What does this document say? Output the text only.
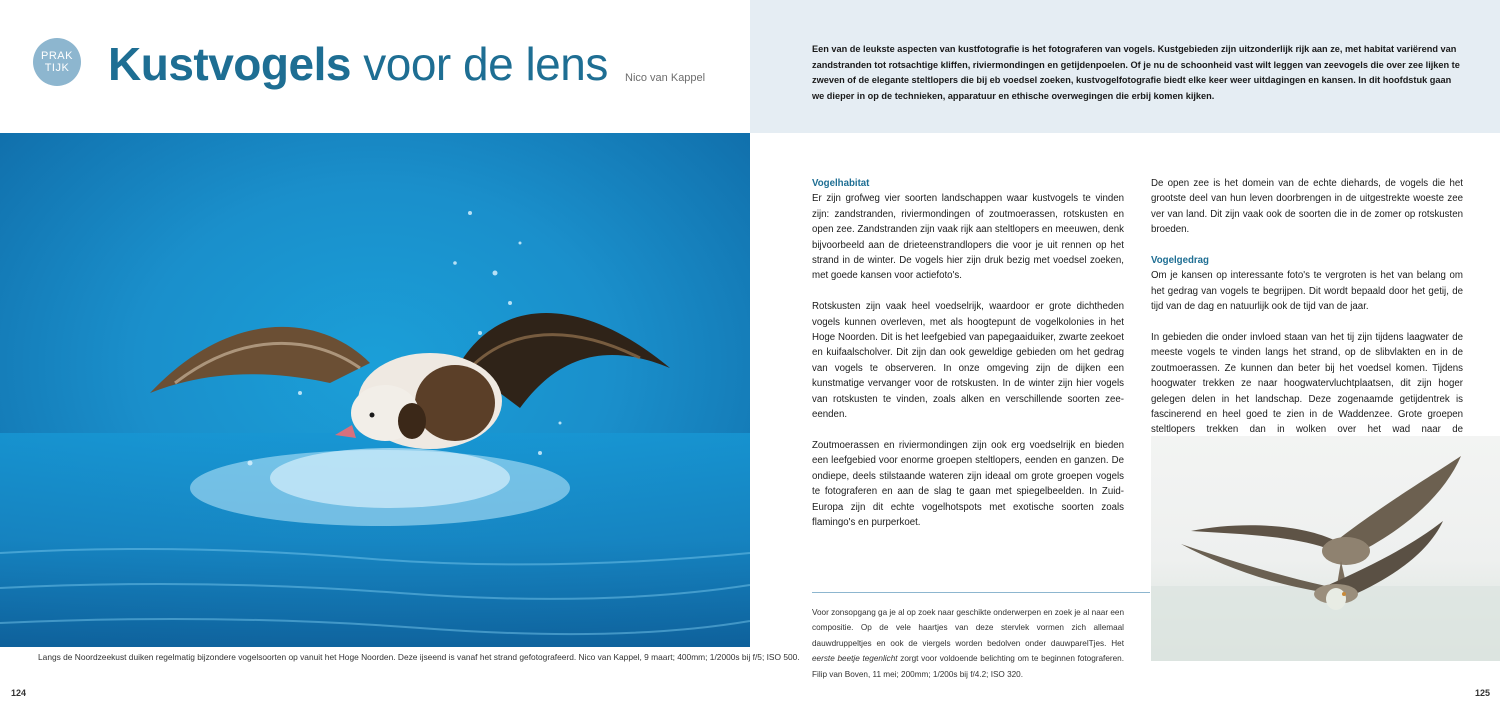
PRAK
TIJK Kustvogels voor de lens Nico van Kappel
Een van de leukste aspecten van kustfotografie is het fotograferen van vogels. Kustgebieden zijn uitzonderlijk rijk aan ze, met habitat variërend van zandstranden tot rotsachtige kliffen, riviermondingen en getijdenpoelen. Of je nu de schoonheid vast wilt leggen van zeevogels die over zee lijken te zweven of de elegante steltlopers die bij eb voedsel zoeken, kustvogelfotografie biedt elke keer weer uitdagingen en kansen. In dit hoofdstuk gaan we dieper in op de technieken, apparatuur en ethische overwegingen die erbij komen kijken.
Langs de Noordzeekust duiken regelmatig bijzondere vogelsoorten op vanuit het Hoge Noorden. Deze ijseend is vanaf het strand gefotografeerd. Nico van Kappel, 9 maart; 400mm; 1/2000s bij f/5; ISO 500.
Vogelhabitat

Er zijn grofweg vier soorten landschappen waar kustvogels te vinden zijn: zandstranden, riviermondingen of zoutmoerassen, rotskusten en open zee. Zandstranden zijn vaak rijk aan steltlopers en meeuwen, denk bijvoorbeeld aan de drieteenstrandlopers die voor je uit rennen op het strand in de winter. De vogels hier zijn druk bezig met voedsel zoeken, met goede kansen voor actiefoto's.

Rotskusten zijn vaak heel voedselrijk, waardoor er grote dichtheden vogels kunnen overleven, met als hoogtepunt de vogelkolonies in het Hoge Noorden. Dit is het leefgebied van papegaaiduiker, zwarte zeekoet en kuifaalscholver. Dit zijn dan ook geweldige gebieden om het gedrag van vogels te observeren. In onze omgeving zijn de dijken een kunstmatige vervanger voor de rotskusten. In de winter zijn hier vogels van rotskusten te vinden, zoals alken en verschillende soorten zee-eenden.

Zoutmoerassen en riviermondingen zijn ook erg voedselrijk en bieden een leefgebied voor enorme groepen steltlopers, eenden en ganzen. De ondiepe, deels stilstaande wateren zijn ideaal om grote groepen vogels te fotograferen en aan de slag te gaan met spiegelbeelden. In Zuid-Europa zijn dit echte vogelhotspots met exotische soorten zoals flamingo's en purperkoet.

De open zee is het domein van de echte diehards, de vogels die het grootste deel van hun leven doorbrengen in de uitgestrekte woeste zee ver van land. Dit zijn vaak ook de soorten die in de zomer op rotskusten broeden.

Vogelgedrag

Om je kansen op interessante foto's te vergroten is het van belang om het gedrag van vogels te begrijpen. Dit wordt bepaald door het getij, de tijd van de dag en natuurlijk ook de tijd van de jaar.

In gebieden die onder invloed staan van het tij zijn tijdens laagwater de meeste vogels te vinden langs het strand, op de slibvlakten en in de zoutmoerassen. Ze kunnen dan beter bij het voedsel komen. Tijdens hoogwater trekken ze naar hoogwatervluchtplaatsen, dit zijn hoger gelegen delen in het landschap. Deze zogenaamde getijdentrek is fascinerend en heel goed te zien in de Waddenzee. Grote groepen steltlopers trekken dan in wolken over het wad naar de

Voor zonsopgang ga je al op zoek naar geschikte onderwerpen en zoek je al naar een compositie. Op de vele haartjes van deze stervlek vormen zich allemaal dauwdruppeltjes en ook de viergels worden bedolven onder dauwparelTjes. Het eerste beetje tegenlicht zorgt voor voldoende belichting om te beginnen fotograferen. Filip van Boven, 11 mei; 200mm; 1/200s bij f/4.2; ISO 320.
124	125
